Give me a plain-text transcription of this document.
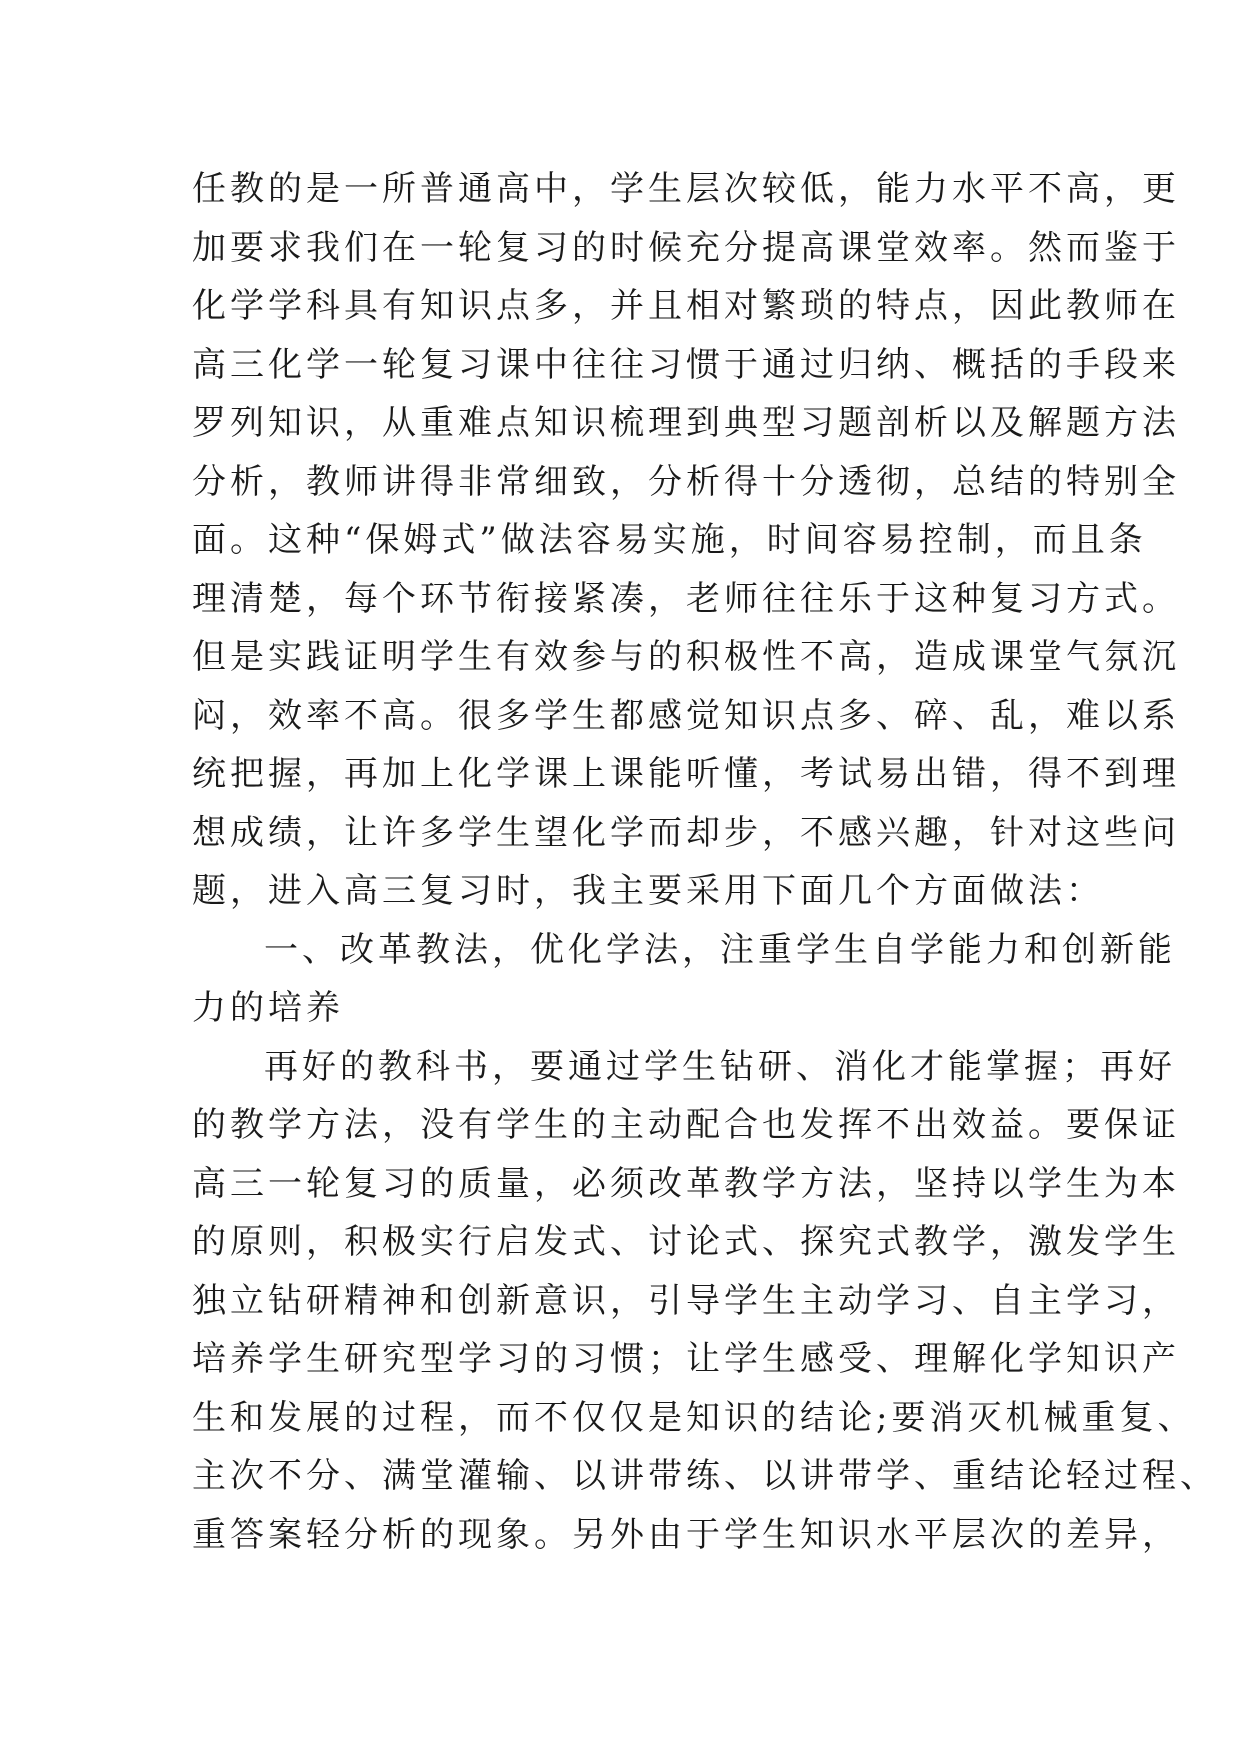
任教的是一所普通高中，学生层次较低，能力水平不高，更
加要求我们在一轮复习的时候充分提高课堂效率。然而鉴于
化学学科具有知识点多，并且相对繁琐的特点，因此教师在
高三化学一轮复习课中往往习惯于通过归纳、概括的手段来
罗列知识，从重难点知识梳理到典型习题剖析以及解题方法
分析，教师讲得非常细致，分析得十分透彻，总结的特别全
面。这种“保姆式”做法容易实施，时间容易控制，而且条
理清楚，每个环节衔接紧凑，老师往往乐于这种复习方式。
但是实践证明学生有效参与的积极性不高，造成课堂气氛沉
闷，效率不高。很多学生都感觉知识点多、碎、乱，难以系
统把握，再加上化学课上课能听懂，考试易出错，得不到理
想成绩，让许多学生望化学而却步，不感兴趣，针对这些问
题，进入高三复习时，我主要采用下面几个方面做法：
一、改革教法，优化学法，注重学生自学能力和创新能
力的培养
再好的教科书，要通过学生钻研、消化才能掌握；再好
的教学方法，没有学生的主动配合也发挥不出效益。要保证
高三一轮复习的质量，必须改革教学方法，坚持以学生为本
的原则，积极实行启发式、讨论式、探究式教学，激发学生
独立钻研精神和创新意识，引导学生主动学习、自主学习，
培养学生研究型学习的习惯；让学生感受、理解化学知识产
生和发展的过程，而不仅仅是知识的结论;要消灭机械重复、
主次不分、满堂灌输、以讲带练、以讲带学、重结论轻过程、
重答案轻分析的现象。另外由于学生知识水平层次的差异，
